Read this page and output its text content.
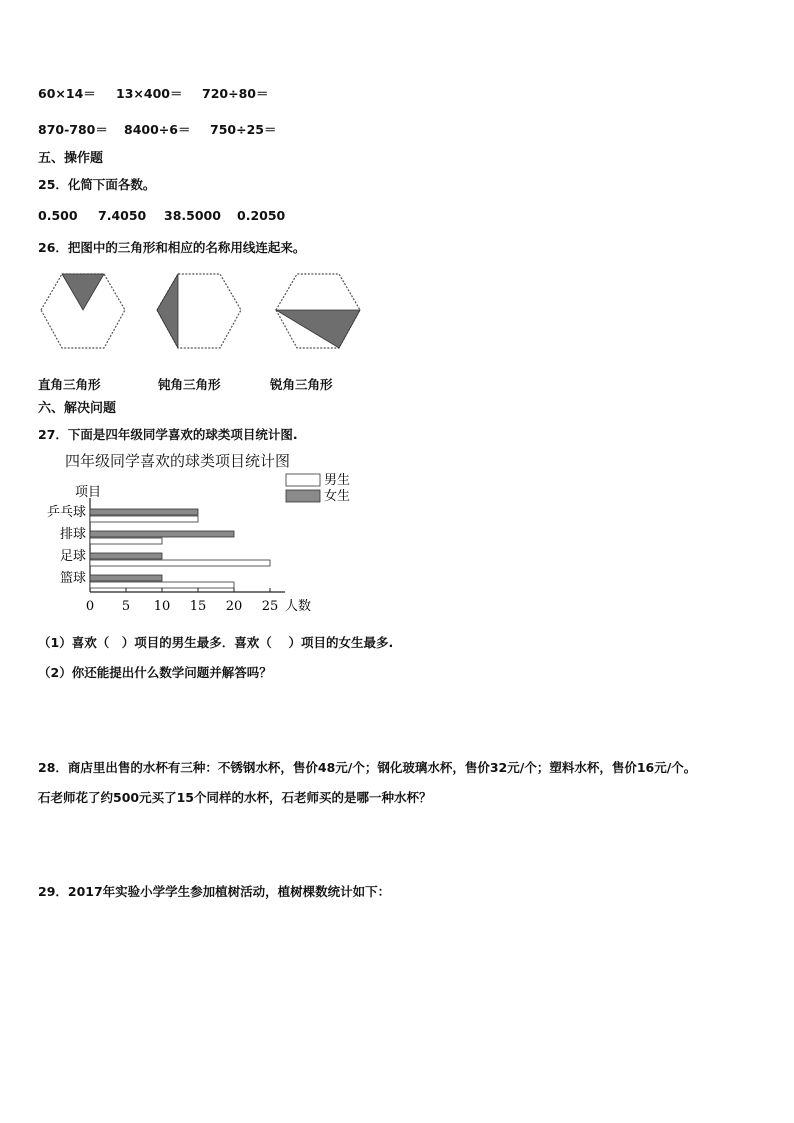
60×14＝ 13×400＝ 720÷80＝
870-780＝ 8400÷6＝ 750÷25＝
五、操作题
25．化简下面各数。
0.500 7.4050 38.5000 0.2050
26．把图中的三角形和相应的名称用线连起来。
直角三角形	钝角三角形	锐角三角形
六、解决问题
27．下面是四年级同学喜欢的球类项目统计图.
四年级同学喜欢的球类项目统计图
项目
人数
0 5 10 15 20 25
乒乓球
排球
足球
篮球
男生
女生
（1）喜欢（　）项目的男生最多．喜欢（　 ）项目的女生最多.
（2）你还能提出什么数学问题并解答吗？
28．商店里出售的水杯有三种：不锈钢水杯，售价48元/个；钢化玻璃水杯，售价32元/个；塑料水杯，售价16元/个。
石老师花了约500元买了15个同样的水杯，石老师买的是哪一种水杯？
29．2017年实验小学学生参加植树活动，植树棵数统计如下：
